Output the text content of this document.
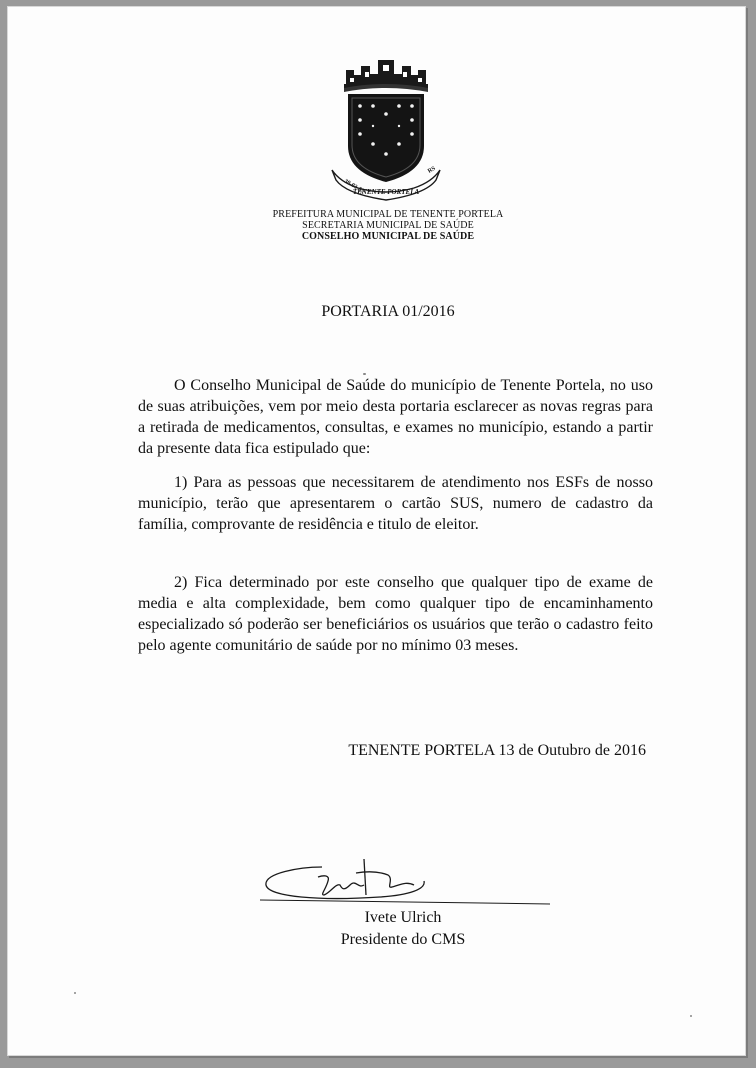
TENENTE PORTELA
30-03-55
RS
PREFEITURA MUNICIPAL DE TENENTE PORTELA
SECRETARIA MUNICIPAL DE SAÚDE
CONSELHO MUNICIPAL DE SAÚDE
PORTARIA 01/2016
O Conselho Municipal de Saúde do município de Tenente Portela, no uso de suas atribuições, vem por meio desta portaria esclarecer as novas regras para a retirada de medicamentos, consultas, e exames no município, estando a partir da presente data fica estipulado que:
1) Para as pessoas que necessitarem de atendimento nos ESFs de nosso município, terão que apresentarem o cartão SUS, numero de cadastro da família, comprovante de residência e titulo de eleitor.
2) Fica determinado por este conselho que qualquer tipo de exame de media e alta complexidade, bem como qualquer tipo de encaminhamento especializado só poderão ser beneficiários os usuários que terão o cadastro feito pelo agente comunitário de saúde por no mínimo 03 meses.
TENENTE PORTELA 13 de Outubro de 2016
Ivete Ulrich
Presidente do CMS
